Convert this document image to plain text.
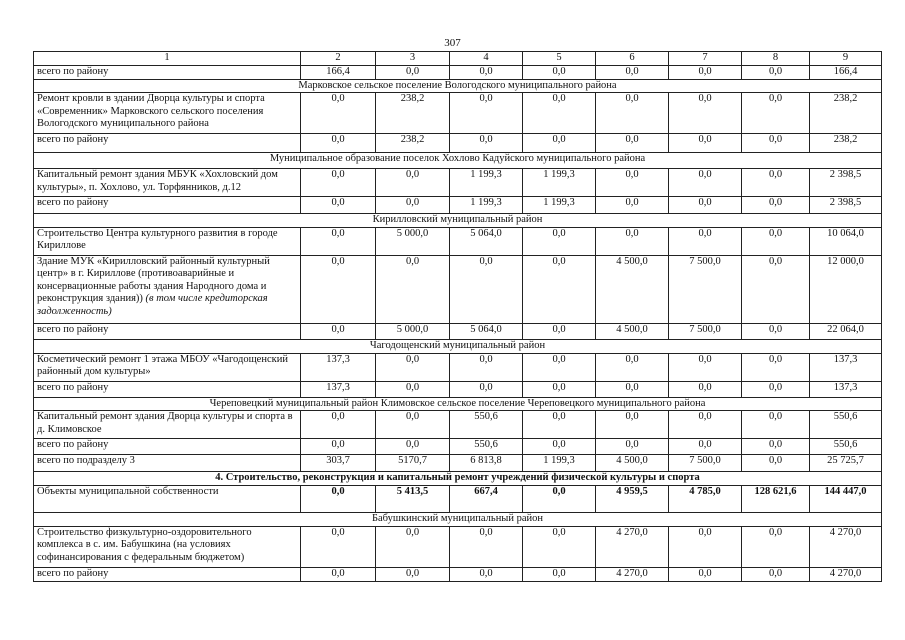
307
1	2	3	4	5	6	7	8	9
всего по району	166,4	0,0	0,0	0,0	0,0	0,0	0,0	166,4
Марковское сельское поселение Вологодского муниципального района								
Ремонт кровли в здании Дворца культуры и спорта «Современник» Марковского сельского поселения Вологодского муниципального района	0,0	238,2	0,0	0,0	0,0	0,0	0,0	238,2
всего по району	0,0	238,2	0,0	0,0	0,0	0,0	0,0	238,2
Муниципальное образование поселок Хохлово Кадуйского муниципального района								
Капитальный ремонт здания МБУК «Хохловский дом культуры», п. Хохлово, ул. Торфянников, д.12	0,0	0,0	1 199,3	1 199,3	0,0	0,0	0,0	2 398,5
всего по району	0,0	0,0	1 199,3	1 199,3	0,0	0,0	0,0	2 398,5
Кирилловский муниципальный район								
Строительство Центра культурного развития в городе Кириллове	0,0	5 000,0	5 064,0	0,0	0,0	0,0	0,0	10 064,0
Здание МУК «Кирилловский районный культурный центр» в г. Кириллове (противоаварийные и консервационные работы здания Народного дома и реконструкция здания)) (в том числе кредиторская задолженность)	0,0	0,0	0,0	0,0	4 500,0	7 500,0	0,0	12 000,0
всего по району	0,0	5 000,0	5 064,0	0,0	4 500,0	7 500,0	0,0	22 064,0
Чагодощенский муниципальный район								
Косметический ремонт 1 этажа МБОУ «Чагодощенский районный дом культуры»	137,3	0,0	0,0	0,0	0,0	0,0	0,0	137,3
всего по району	137,3	0,0	0,0	0,0	0,0	0,0	0,0	137,3
Череповецкий муниципальный район Климовское сельское поселение Череповецкого муниципального района								
Капитальный ремонт здания Дворца культуры и спорта в д. Климовское	0,0	0,0	550,6	0,0	0,0	0,0	0,0	550,6
всего по району	0,0	0,0	550,6	0,0	0,0	0,0	0,0	550,6
всего по подразделу 3	303,7	5170,7	6 813,8	1 199,3	4 500,0	7 500,0	0,0	25 725,7
4. Строительство, реконструкция и капитальный ремонт учреждений физической культуры и спорта								
Объекты муниципальной собственности	0,0	5 413,5	667,4	0,0	4 959,5	4 785,0	128 621,6	144 447,0
Бабушкинский муниципальный район								
Строительство физкультурно-оздоровительного комплекса в с. им. Бабушкина (на условиях софинансирования с федеральным бюджетом)	0,0	0,0	0,0	0,0	4 270,0	0,0	0,0	4 270,0
всего по району	0,0	0,0	0,0	0,0	4 270,0	0,0	0,0	4 270,0
